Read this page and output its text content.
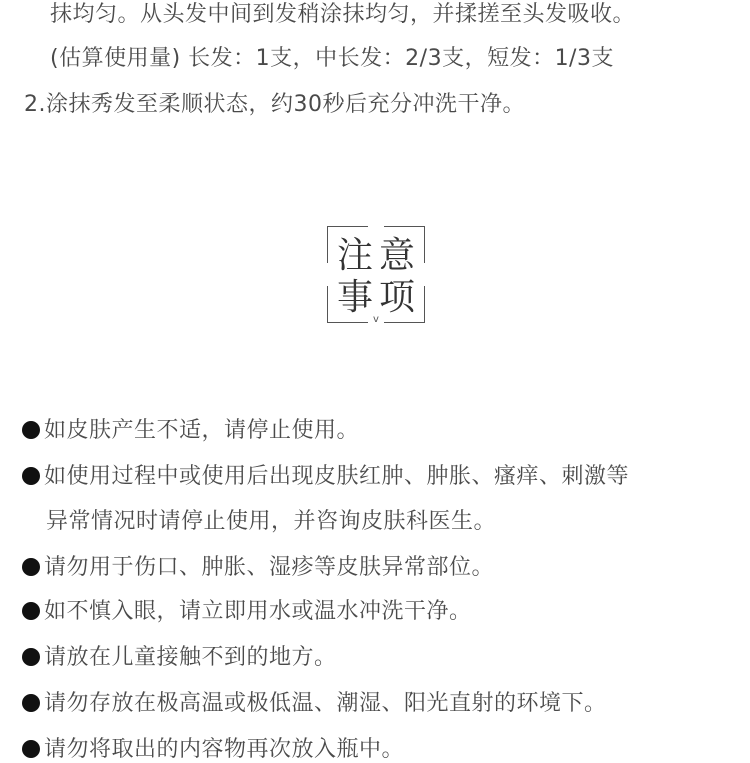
抹均匀。从头发中间到发稍涂抹均匀，并揉搓至头发吸收。
(估算使用量) 长发：1支，中长发：2/3支，短发：1/3支
2.涂抹秀发至柔顺状态，约30秒后充分冲洗干净。
v
注 意
事 项
如皮肤产生不适，请停止使用。
如使用过程中或使用后出现皮肤红肿、肿胀、瘙痒、刺激等
异常情况时请停止使用，并咨询皮肤科医生。
请勿用于伤口、肿胀、湿疹等皮肤异常部位。
如不慎入眼，请立即用水或温水冲洗干净。
请放在儿童接触不到的地方。
请勿存放在极高温或极低温、潮湿、阳光直射的环境下。
请勿将取出的内容物再次放入瓶中。
